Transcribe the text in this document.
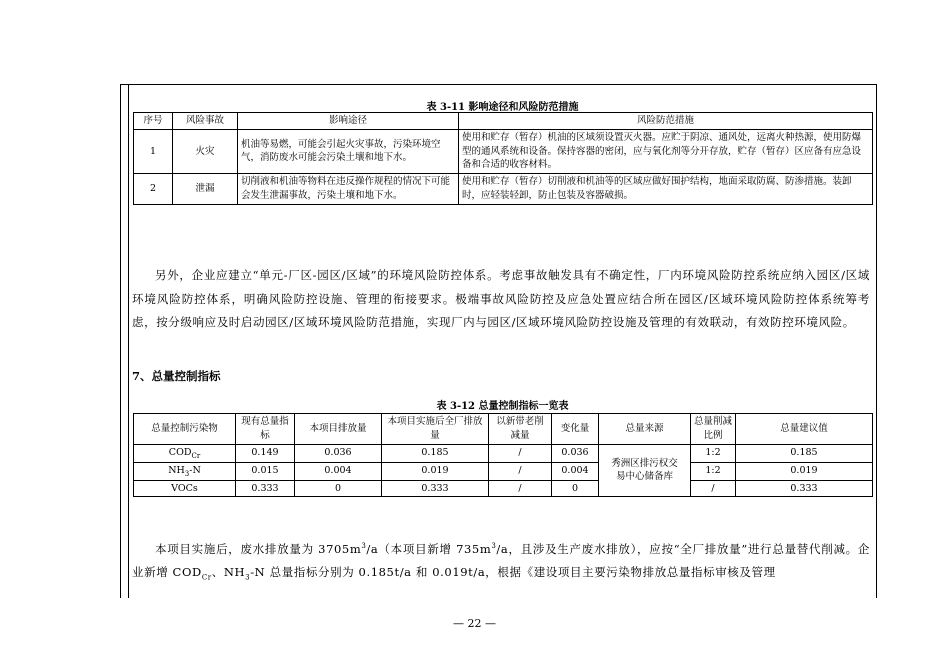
表 3-11 影响途径和风险防范措施
序号	风险事故	影响途径	风险防范措施
1	火灾	机油等易燃，可能会引起火灾事故，污染环境空气，消防废水可能会污染土壤和地下水。	使用和贮存（暂存）机油的区域须设置灭火器。应贮于阴凉、通风处，远离火种热源，使用防爆型的通风系统和设备。保持容器的密闭，应与氧化剂等分开存放，贮存（暂存）区应备有应急设备和合适的收容材料。
2	泄漏	切削液和机油等物料在违反操作规程的情况下可能会发生泄漏事故，污染土壤和地下水。	使用和贮存（暂存）切削液和机油等的区域应做好围护结构，地面采取防腐、防渗措施。装卸时，应轻装轻卸，防止包装及容器破损。
另外，企业应建立“单元-厂区-园区/区域”的环境风险防控体系。考虑事故触发具有不确定性，厂内环境风险防控系统应纳入园区/区域环境风险防控体系，明确风险防控设施、管理的衔接要求。极端事故风险防控及应急处置应结合所在园区/区域环境风险防控体系统筹考虑，按分级响应及时启动园区/区域环境风险防范措施，实现厂内与园区/区域环境风险防控设施及管理的有效联动，有效防控环境风险。
7、总量控制指标
表 3-12 总量控制指标一览表
总量控制污染物	现有总量指标	本项目排放量	本项目实施后全厂排放量	以新带老削减量	变化量	总量来源	总量削减比例	总量建议值
$COD_{Cr}$	0.149	0.036	0.185	/	0.036	秀洲区排污权交易中心储备库	1:2	0.185
$NH_3-N$	0.015	0.004	0.019	/	0.004		1:2	0.019
VOCs	0.333	0	0.333	/	0		/	0.333
本项目实施后，废水排放量为 $3705m^3/a$（本项目新增 $735m^3/a$，且涉及生产废水排放），应按“全厂排放量”进行总量替代削减。企业新增 $COD_{Cr}$、$NH_3-N$ 总量指标分别为 0.185t/a 和 0.019t/a，根据《建设项目主要污染物排放总量指标审核及管理
— 22 —
